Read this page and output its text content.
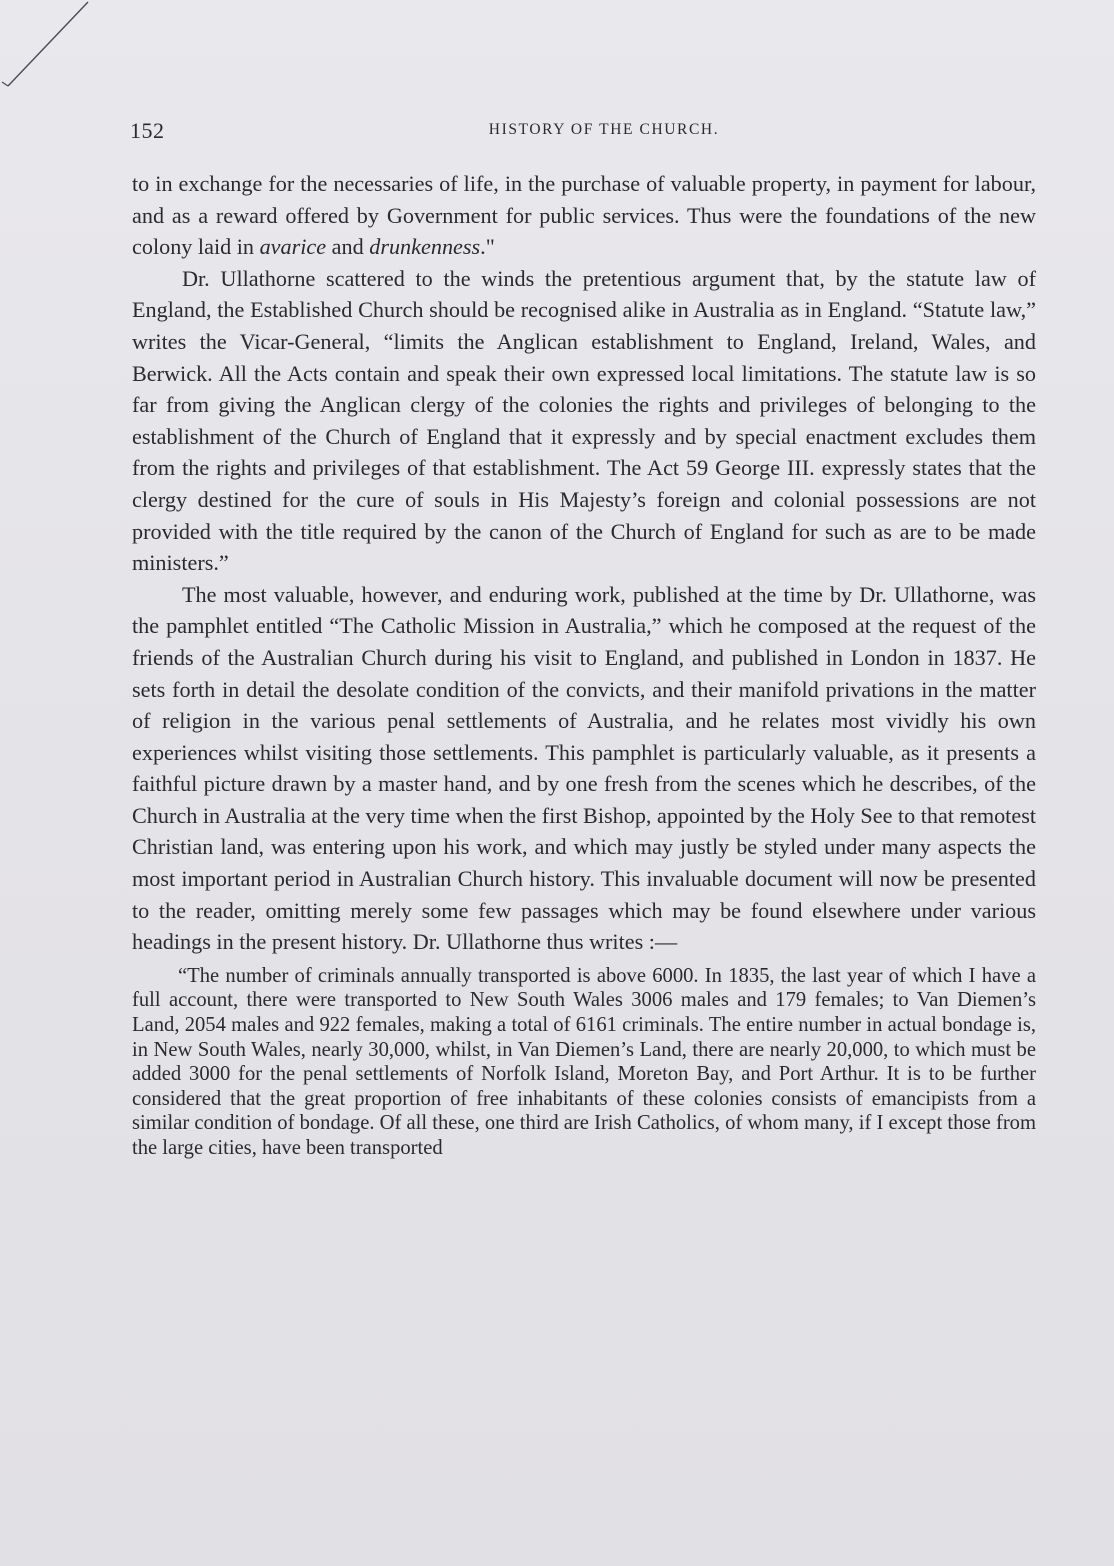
152	HISTORY OF THE CHURCH.

to in exchange for the necessaries of life, in the purchase of valuable property, in payment for labour, and as a reward offered by Government for public services. Thus were the foundations of the new colony laid in avarice and drunkenness."

Dr. Ullathorne scattered to the winds the pretentious argument that, by the statute law of England, the Established Church should be recognised alike in Australia as in England. “Statute law,” writes the Vicar-General, “limits the Anglican establishment to England, Ireland, Wales, and Berwick. All the Acts contain and speak their own expressed local limitations. The statute law is so far from giving the Anglican clergy of the colonies the rights and privileges of belonging to the establishment of the Church of England that it expressly and by special enactment excludes them from the rights and privileges of that establishment. The Act 59 George III. expressly states that the clergy destined for the cure of souls in His Majesty’s foreign and colonial possessions are not provided with the title required by the canon of the Church of England for such as are to be made ministers.”

The most valuable, however, and enduring work, published at the time by Dr. Ullathorne, was the pamphlet entitled “The Catholic Mission in Australia,” which he composed at the request of the friends of the Australian Church during his visit to England, and published in London in 1837. He sets forth in detail the desolate condition of the convicts, and their manifold privations in the matter of religion in the various penal settlements of Australia, and he relates most vividly his own experiences whilst visiting those settlements. This pamphlet is particularly valuable, as it presents a faithful picture drawn by a master hand, and by one fresh from the scenes which he describes, of the Church in Australia at the very time when the first Bishop, appointed by the Holy See to that remotest Christian land, was entering upon his work, and which may justly be styled under many aspects the most important period in Australian Church history. This invaluable document will now be presented to the reader, omitting merely some few passages which may be found elsewhere under various headings in the present history. Dr. Ullathorne thus writes :—

“The number of criminals annually transported is above 6000. In 1835, the last year of which I have a full account, there were transported to New South Wales 3006 males and 179 females; to Van Diemen’s Land, 2054 males and 922 females, making a total of 6161 criminals. The entire number in actual bondage is, in New South Wales, nearly 30,000, whilst, in Van Diemen’s Land, there are nearly 20,000, to which must be added 3000 for the penal settlements of Norfolk Island, Moreton Bay, and Port Arthur. It is to be further considered that the great proportion of free inhabitants of these colonies consists of emancipists from a similar condition of bondage. Of all these, one third are Irish Catholics, of whom many, if I except those from the large cities, have been transported
